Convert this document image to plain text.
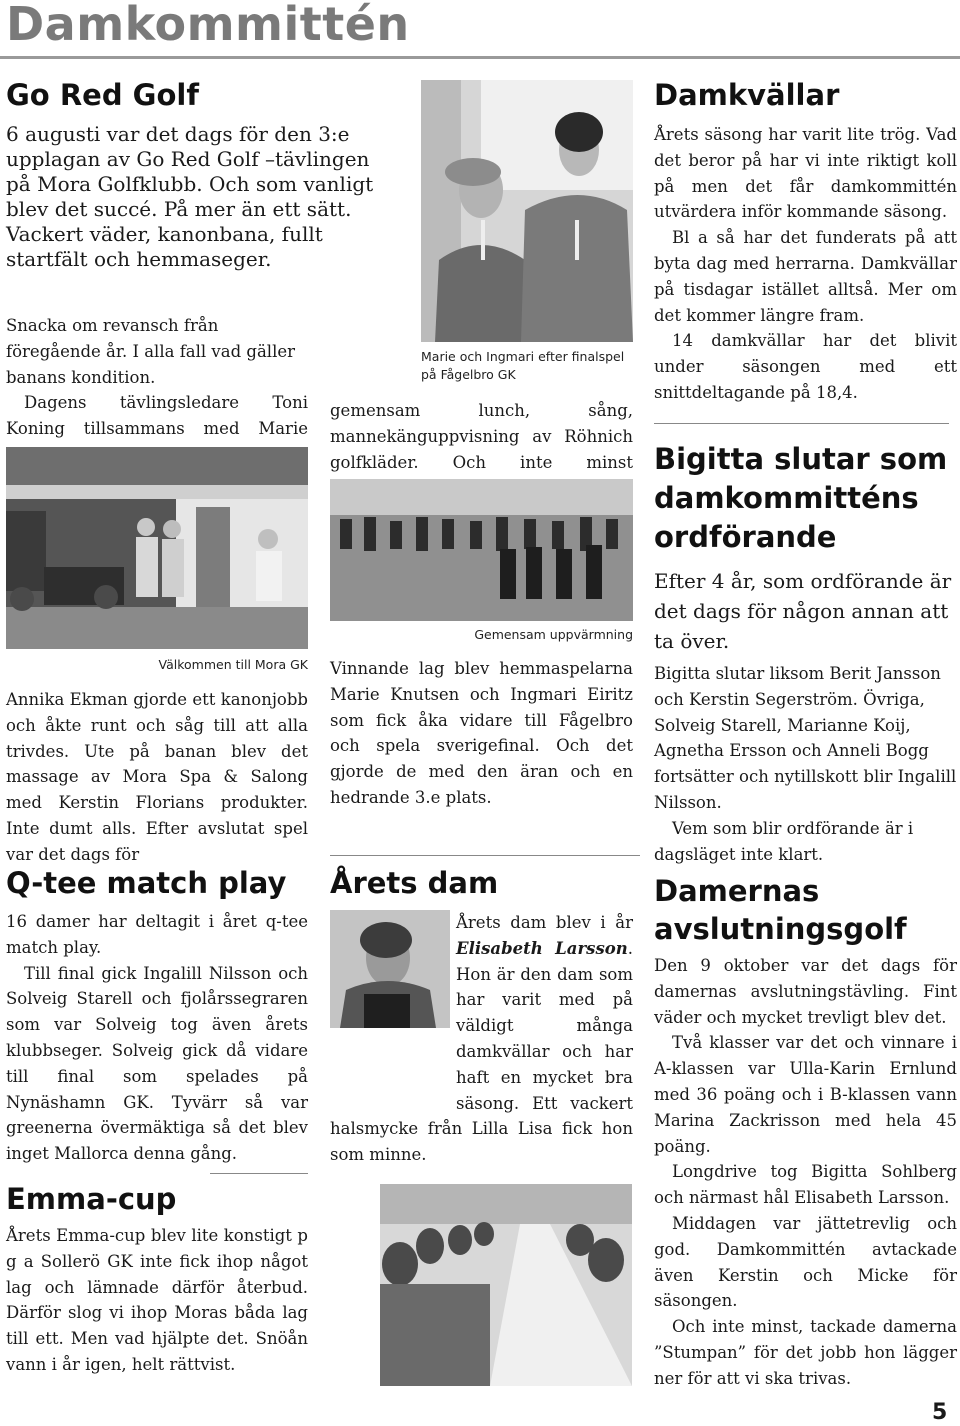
Damkommittén
Go Red Golf
6 augusti var det dags för den 3:e upplagan av Go Red Golf –tävlingen på Mora Golfklubb. Och som vanligt blev det succé. På mer än ett sätt. Vackert väder, kanonbana, fullt startfält och hemmaseger.

Snacka om revansch från föregående år. I alla fall vad gäller banans kondition.

Dagens tävlingsledare Toni Koning tillsammans med Marie

Välkommen till Mora GK
Annika Ekman gjorde ett kanonjobb och åkte runt och såg till att alla trivdes. Ute på banan blev det massage av Mora Spa & Salong med Kerstin Florians produkter. Inte dumt alls. Efter avslutat spel var det dags för
Marie och Ingmari efter finalspel på Fågelbro GK
gemensam lunch, sång, mannekänguppvisning av Röhnich golfkläder. Och inte minst
Gemensam uppvärmning
Vinnande lag blev hemmaspelarna Marie Knutsen och Ingmari Eiritz som fick åka vidare till Fågelbro och spela sverigefinal. Och det gjorde de med den äran och en hedrande 3.e plats.
Damkvällar

Årets säsong har varit lite trög. Vad det beror på har vi inte riktigt koll på men det får damkommittén utvärdera inför kommande säsong.

Bl a så har det funderats på att byta dag med herrarna. Damkvällar på tisdagar istället alltså. Mer om det kommer längre fram.

14 damkvällar har det blivit under säsongen med ett snittdeltagande på 18,4.

Bigitta slutar som damkommitténs ordförande
Efter 4 år, som ordförande är det dags för någon annan att ta över.

Bigitta slutar liksom Berit Jansson och Kerstin Segerström. Övriga, Solveig Starell, Marianne Koij, Agnetha Ersson och Anneli Bogg fortsätter och nytillskott blir Ingalill Nilsson.

Vem som blir ordförande är i dagsläget inte klart.

Q-tee match play

16 damer har deltagit i året q-tee match play.

Till final gick Ingalill Nilsson och Solveig Starell och fjolårssegraren som var Solveig tog även årets klubbseger. Solveig gick då vidare till final som spelades på Nynäshamn GK. Tyvärr så var greenerna övermäktiga så det blev inget Mallorca denna gång.

Emma-cup
Årets Emma-cup blev lite konstigt p g a Sollerö GK inte fick ihop något lag och lämnade därför återbud. Därför slog vi ihop Moras båda lag till ett. Men vad hjälpte det. Snöån vann i år igen, helt rättvist.
Årets dam
Årets dam blev i år Elisabeth Larsson. Hon är den dam som har varit med på väldigt många damkvällar och har haft en mycket bra säsong. Ett vackert halsmycke från Lilla Lisa fick hon som minne.
Damernas avslutningsgolf

Den 9 oktober var det dags för damernas avslutningstävling. Fint väder och mycket trevligt blev det.

Två klasser var det och vinnare i A-klassen var Ulla-Karin Ernlund med 36 poäng och i B-klassen vann Marina Zackrisson med hela 45 poäng.

Longdrive tog Bigitta Sohlberg och närmast hål Elisabeth Larsson.

Middagen var jättetrevlig och god. Damkommittén avtackade även Kerstin och Micke för säsongen.

Och inte minst, tackade damerna ”Stumpan” för det jobb hon lägger ner för att vi ska trivas.

5
